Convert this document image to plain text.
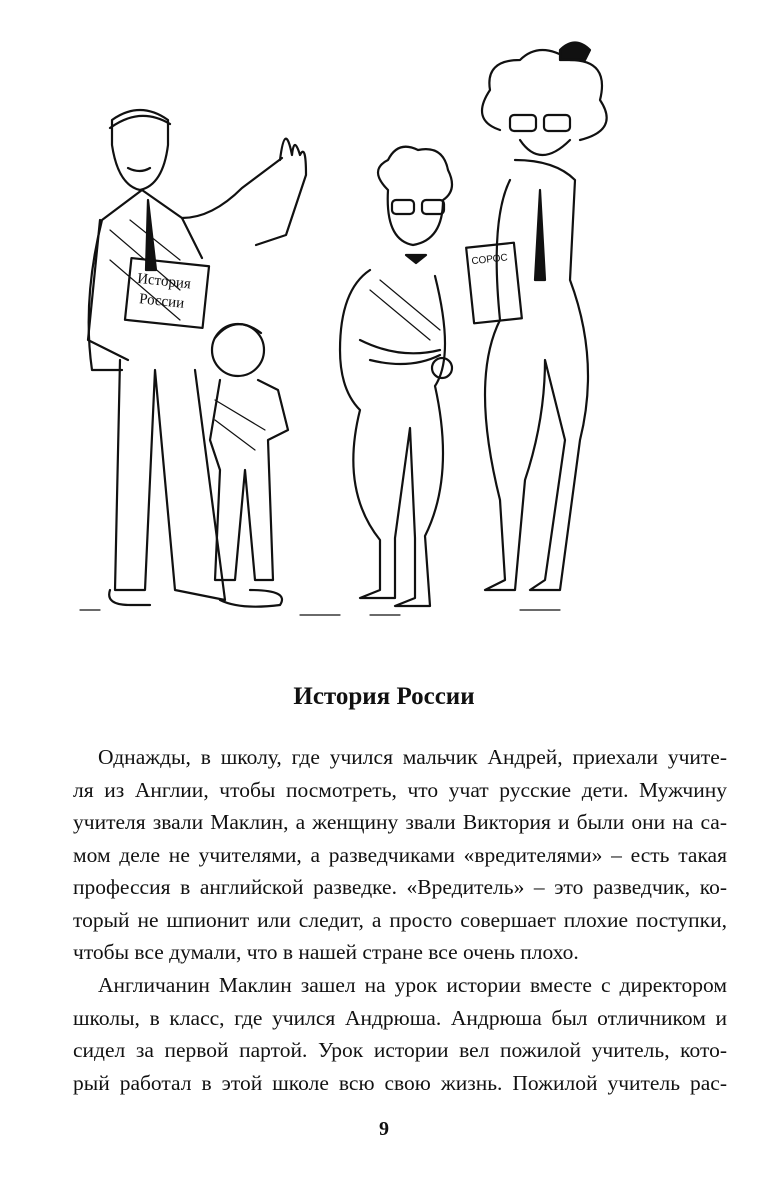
История
России
СОРОС
История России
Однажды, в школу, где учился мальчик Андрей, приехали учите-
ля из Англии, чтобы посмотреть, что учат русские дети. Мужчину
учителя звали Маклин, а женщину звали Виктория и были они на са-
мом деле не учителями, а разведчиками «вредителями» – есть такая
профессия в английской разведке. «Вредитель» – это разведчик, ко-
торый не шпионит или следит, а просто совершает плохие поступки,
чтобы все думали, что в нашей стране все очень плохо.
Англичанин Маклин зашел на урок истории вместе с директором
школы, в класс, где учился Андрюша. Андрюша был отличником и
сидел за первой партой. Урок истории вел пожилой учитель, кото-
рый работал в этой школе всю свою жизнь. Пожилой учитель рас-
9
